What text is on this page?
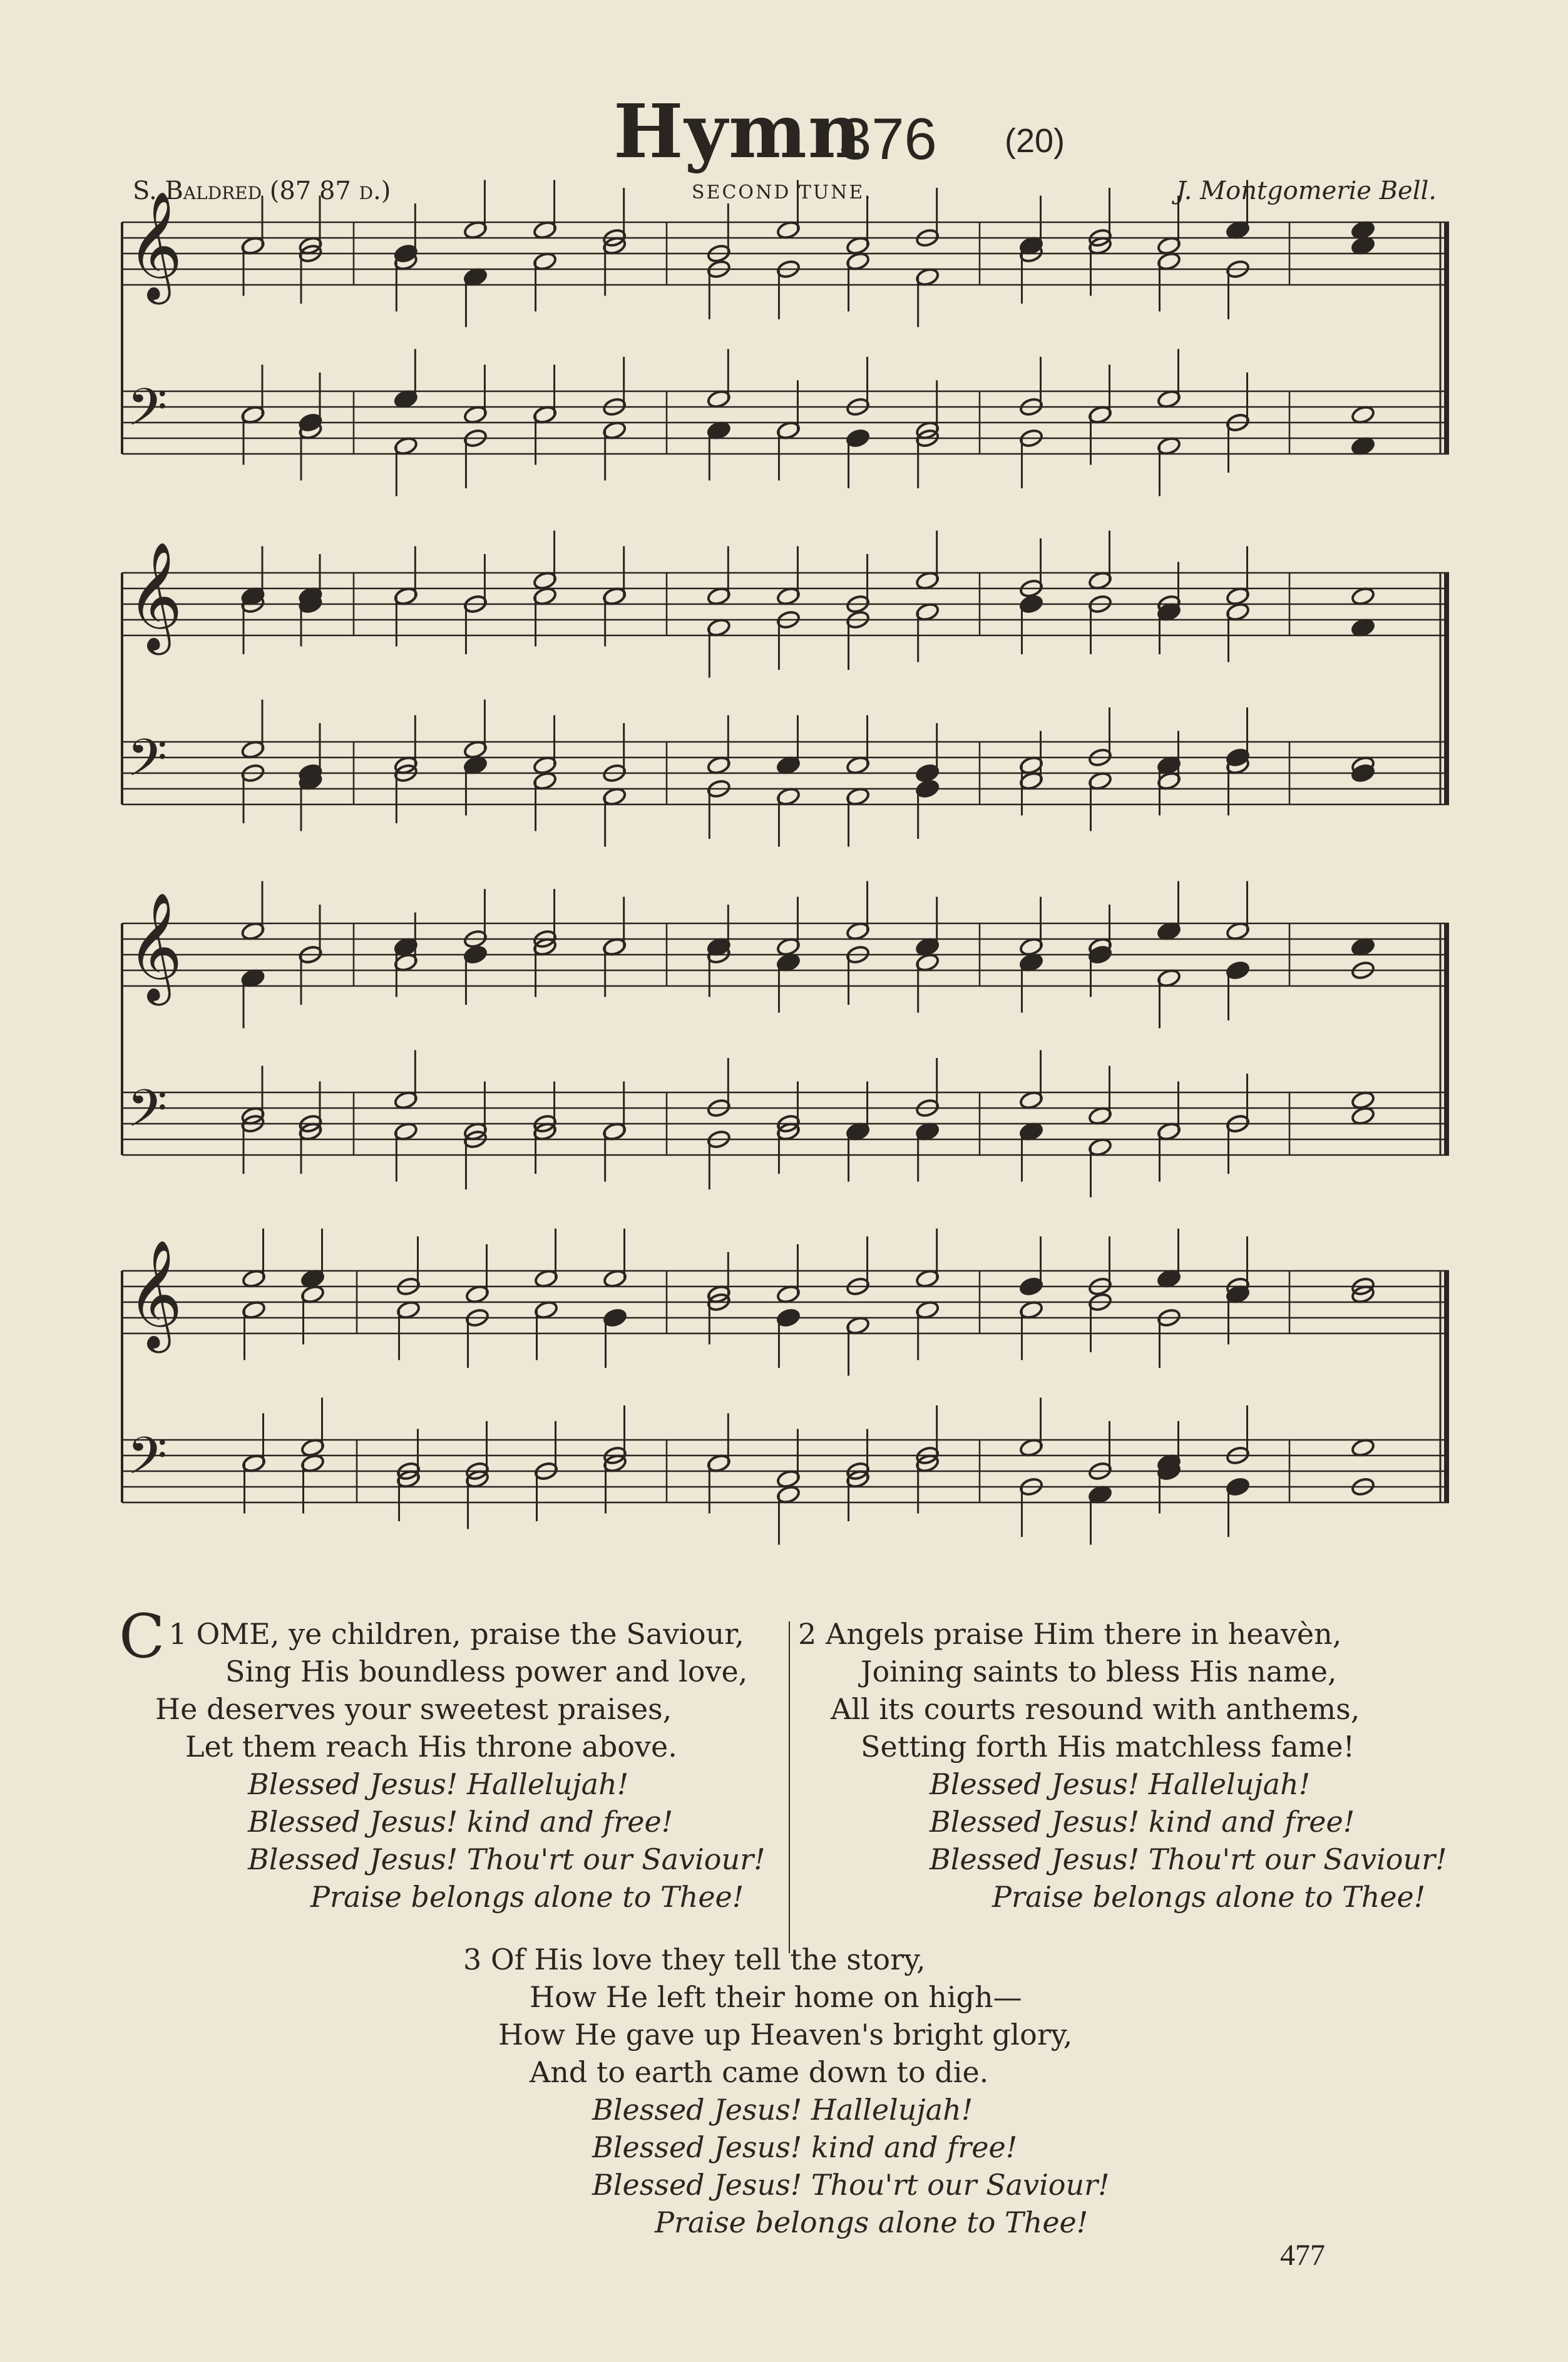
Hymn
376 (20)
S. Baldred (87 87 d.)	SECOND TUNE.	J. Montgomerie Bell.
𝄞
𝄢
𝄞
𝄢
𝄞
𝄢
𝄞
𝄢
1
C OME, ye children, praise the Saviour,
Sing His boundless power and love,
He deserves your sweetest praises,
Let them reach His throne above.
Blessed Jesus! Hallelujah!
Blessed Jesus! kind and free!
Blessed Jesus! Thou'rt our Saviour!
Praise belongs alone to Thee!
2 Angels praise Him there in heavèn,
Joining saints to bless His name,
All its courts resound with anthems,
Setting forth His matchless fame!
Blessed Jesus! Hallelujah!
Blessed Jesus! kind and free!
Blessed Jesus! Thou'rt our Saviour!
Praise belongs alone to Thee!
3 Of His love they tell the story,
How He left their home on high—
How He gave up Heaven's bright glory,
And to earth came down to die.
Blessed Jesus! Hallelujah!
Blessed Jesus! kind and free!
Blessed Jesus! Thou'rt our Saviour!
Praise belongs alone to Thee!
477
